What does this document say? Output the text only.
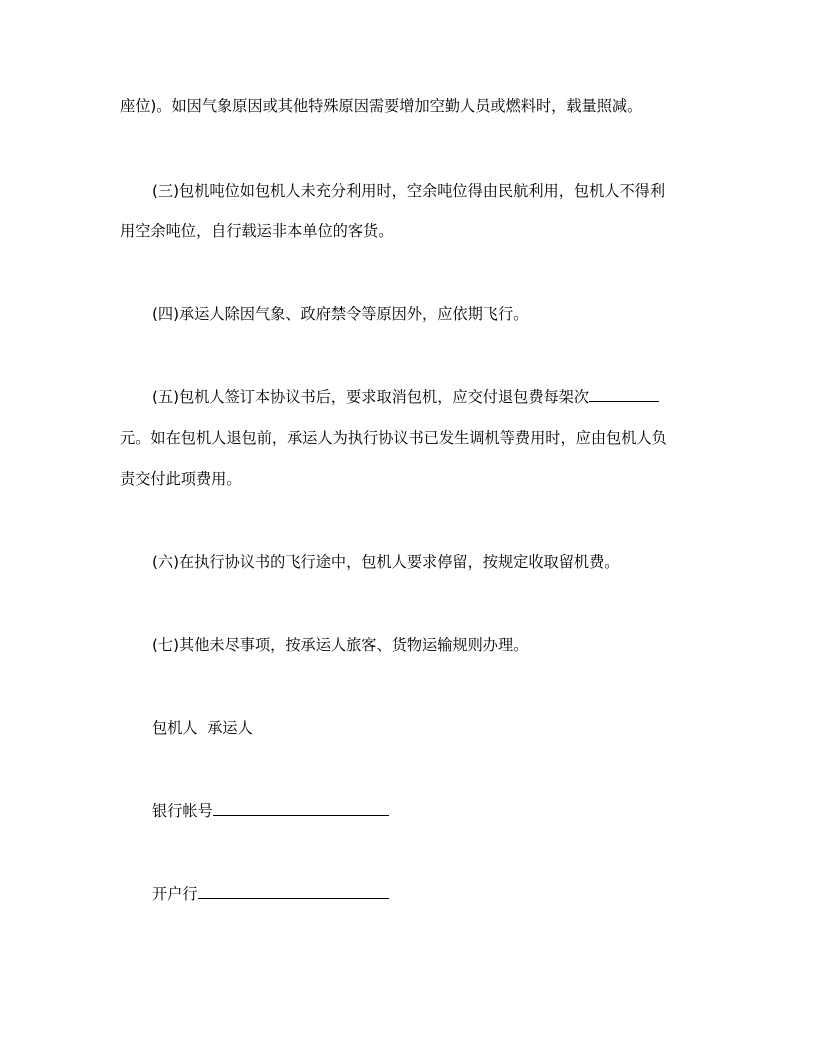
座位)。如因气象原因或其他特殊原因需要增加空勤人员或燃料时，载量照减。

(三)包机吨位如包机人未充分利用时，空余吨位得由民航利用，包机人不得利

用空余吨位，自行载运非本单位的客货。

(四)承运人除因气象、政府禁令等原因外，应依期飞行。

(五)包机人签订本协议书后，要求取消包机，应交付退包费每架次

元。如在包机人退包前，承运人为执行协议书已发生调机等费用时，应由包机人负

责交付此项费用。

(六)在执行协议书的飞行途中，包机人要求停留，按规定收取留机费。

(七)其他未尽事项，按承运人旅客、货物运输规则办理。

包机人  承运人

银行帐号
开户行
